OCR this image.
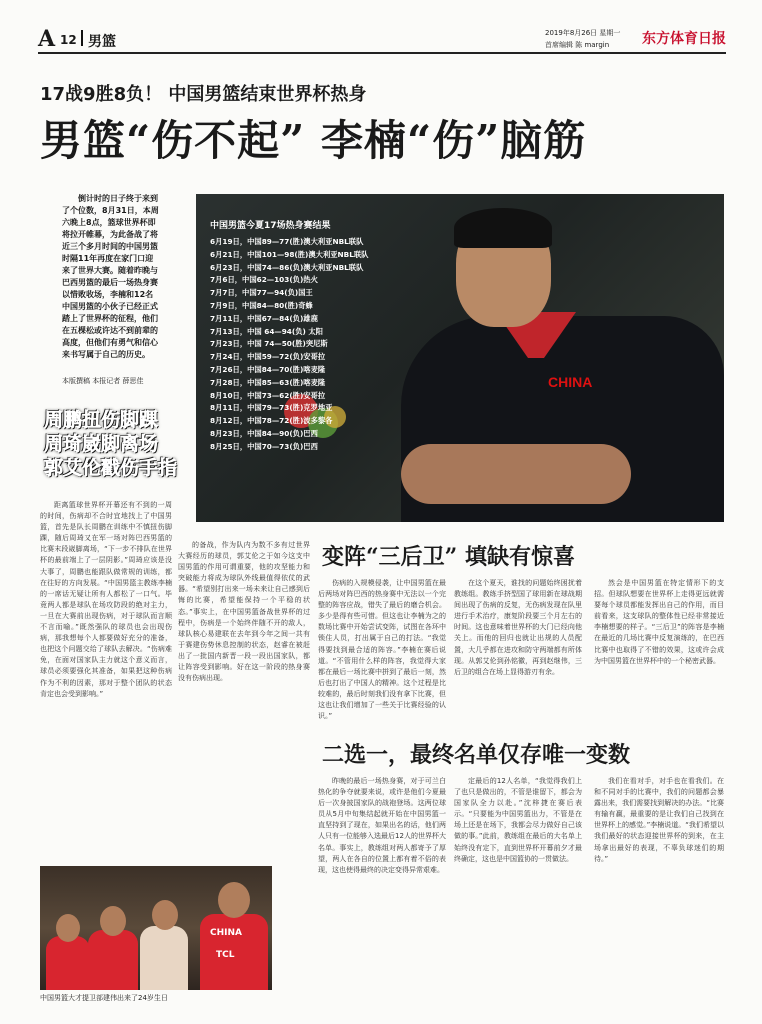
A 12 男篮
2019年8月26日 星期一
首席编辑 陈 margin 东方体育日报
17战9胜8负！ 中国男篮结束世界杯热身
男篮“伤不起” 李楠“伤”脑筋
倒计时的日子终于来到了个位数，8月31日，本周六晚上8点，篮球世界杯即将拉开帷幕，为此备战了将近三个多月时间的中国男篮时隔11年再度在家门口迎来了世界大赛。随着昨晚与巴西男篮的最后一场热身赛以惜败收场，李楠和12名中国男篮的小伙子已经正式踏上了世界杯的征程，他们在五棵松或许达不到前辈的高度，但他们有勇气和信心来书写属于自己的历史。
本版撰稿 本报记者 薛思佳	CHINA
中国男篮今夏17场热身赛结果
6月19日，中国89—77(胜)澳大利亚NBL联队
6月21日，中国101—98(胜)澳大利亚NBL联队
6月23日，中国74—86(负)澳大利亚NBL联队
7月6日，中国62—103(负)热火
7月7日，中国77—94(负)国王
7月9日，中国84—80(胜)奇蜂
7月11日，中国67—84(负)雄鹿
7月13日，中国 64—94(负) 太阳
7月23日，中国 74—50(胜)突尼斯
7月24日，中国59—72(负)安哥拉
7月26日，中国84—70(胜)喀麦隆
7月28日，中国85—63(胜)喀麦隆
8月10日，中国73—62(胜)安哥拉
8月11日，中国79—73(胜)克罗地亚
8月12日，中国78—72(胜)波多黎各
8月23日，中国84—90(负)巴西
8月25日，中国70—73(负)巴西
周鹏扭伤脚踝
周琦崴脚离场
郭艾伦戳伤手指
变阵“三后卫” 填缺有惊喜
二选一，最终名单仅存唯一变数

距离篮球世界杯开幕还有不到的一周的时间，伤病却不合时宜地找上了中国男篮，首先是队长周鹏在训练中不慎扭伤脚踝，随后周琦又在军一场对阵巴西男篮的比赛末段崴脚离场，“下一步不排队在世界杯的最前端上了一层阴影。”周琦应该是没大事了，周鹏也能跟队做常规的训练，都在往好的方向发展。“中国男篮主教练李楠的一席话无疑让所有人都松了一口气。毕竟两人都是球队在场攻防段的绝对主力，一旦在大赛前出现伤病，对于球队而言顺不言而喻。”既然强队的球员也会出现伤病，那我想每个人都要做好充分的准备，也把这个问题交给了球队去解决。“伤病难免，在面对国家队主力就这个意义而言，球员必须要强化其准备，如果把这种伤病作为不利的因素，那对于整个团队的状态肯定也会受到影响。”

的备战，作为队内为数不多有过世界大赛经历的球员，郭艾伦之于如今这支中国男篮的作用可谓重要，他的攻坚能力和突破能力将成为球队外线最值得依仗的武器。“希望别打出来一场未来让自己感到后悔的比赛，希望能保持一个平稳的状态。”事实上，在中国男篮备战世界杯的过程中，伤病是一个始终伴随不开的敌人，球队核心易建联在去年到今年之间一共有于赛建伤势休息控制的状态，赵睿在被赶出了一批国内新晋一段一段出国家队，都让阵容受到影响。好在这一阶段的热身赛没有伤病出现。

伤病的入规模侵袭，让中国男篮在最后两场对阵巴西的热身赛中无法以一个完整的阵容应战，错失了最后的磨合机会。多少是得有些可惜。但这也让李楠为之的数场比赛中开始尝试变阵，试图在各环中锁住人员，打出属于自己的打法。“我觉得要找到最合适的阵容。”李楠在赛后说道。“不管用什么样的阵容，我觉得大家都在最后一场比赛中拼到了最后一刻，然后也打出了中国人的精神。这个过程是比较难的，最后时刻我们没有拿下比赛，但这也让我们增加了一些关于比赛经验的认识。”

在这个夏天，谁找的问题始终困扰着教练组。教练手挤型国了球用新在球战期间出现了伤病的反复，无伤病发现在队里进行手术治疗，康复阶段要三个月左右的时间。这也意味着世界杯的大门已经向他关上。而他的回归也就让出规的人员配置，大几乎都在进攻和防守两端都有所体现。从郭艾伦到孙铭徽，再到赵继伟，三后卫的组合在场上显得游刃有余。

然会是中国男篮在特定情形下的支招。但球队想要在世界杯上走得更远就需要每个球员都能发挥出自己的作用，而目前看来，这支球队的整体性已经非常接近李楠想要的样子。“三后卫”的阵容是李楠在最近的几场比赛中反复演练的，在巴西比赛中也取得了不错的效果，这或许会成为中国男篮在世界杯中的一个秘密武器。

昨晚的最后一场热身赛，对于可兰白热化的争夺就要来说，或许是他们今夏最后一次身披国家队的战袍登场。这两位球员从5月中旬集结起就开始在中国男篮一直坚持到了现在，如果出名的话，他们两人只有一位能够入选最后12人的世界杯大名单。事实上，教练组对两人都寄予了厚望，两人在各自的位置上都有着不俗的表现，这也使得最终的决定变得异常艰难。

定最后的12人名单，“我觉得我们上了也只是做出的，不管是谁留下，都会为国家队全力以赴。”沈梓捷在赛后表示。“只要能为中国男篮出力，不管是在场上还是在场下，我都会尽力做好自己该做的事。”此前，教练组在最后的大名单上始终没有定下，直到世界杯开幕前夕才最终确定，这也是中国篮协的一贯做法。

我们在看对手，对手也在看我们。在和不同对手的比赛中，我们的问题都会暴露出来，我们需要找到解决的办法。“比赛有输有赢，最重要的是让我们自己找到在世界杯上的感觉。”李楠说道。“我们希望以我们最好的状态迎接世界杯的到来，在主场拿出最好的表现，不辜负球迷们的期待。”

CHINA
TCL
中国男篮大才提卫部建伟出来了24岁生日
